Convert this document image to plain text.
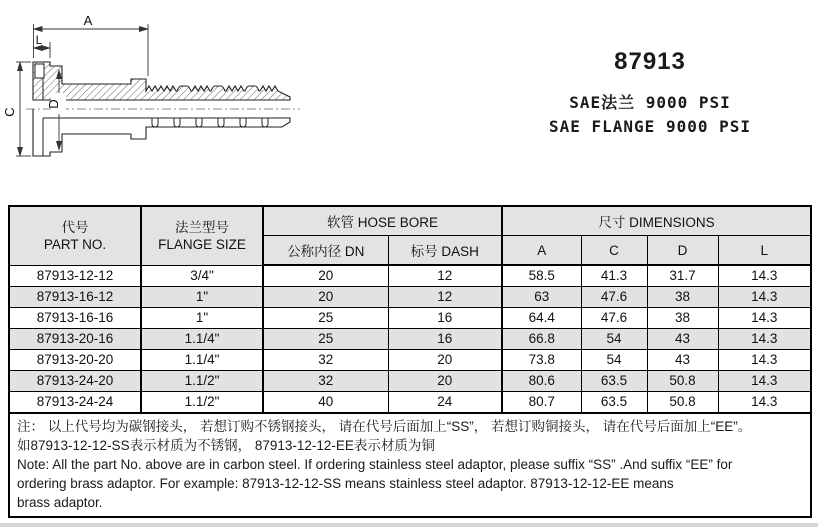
A
L
C
D
87913
SAE法兰 9000 PSI
SAE FLANGE 9000 PSI
代号
PART NO.

法兰型号
FLANGE SIZE
	软管 HOSE BORE	尺寸 DIMENSIONS
		公称内径 DN	标号 DASH	A	C	D	L
87913-12-12	3/4"	20	12	58.5	41.3	31.7	14.3
87913-16-12	1"	20	12	63	47.6	38	14.3
87913-16-16	1"	25	16	64.4	47.6	38	14.3
87913-20-16	1.1/4"	25	16	66.8	54	43	14.3
87913-20-20	1.1/4"	32	20	73.8	54	43	14.3
87913-24-20	1.1/2"	32	20	80.6	63.5	50.8	14.3
87913-24-24	1.1/2"	40	24	80.7	63.5	50.8	14.3
注： 以上代号均为碳钢接头， 若想订购不锈钢接头， 请在代号后面加上“SS”， 若想订购铜接头， 请在代号后面加上“EE”。
如87913-12-12-SS表示材质为不锈钢， 87913-12-12-EE表示材质为铜
Note: All the part No. above are in carbon steel. If ordering stainless steel adaptor, please suffix “SS” .And suffix “EE” for
ordering brass adaptor. For example: 87913-12-12-SS means stainless steel adaptor. 87913-12-12-EE means
brass adaptor.
